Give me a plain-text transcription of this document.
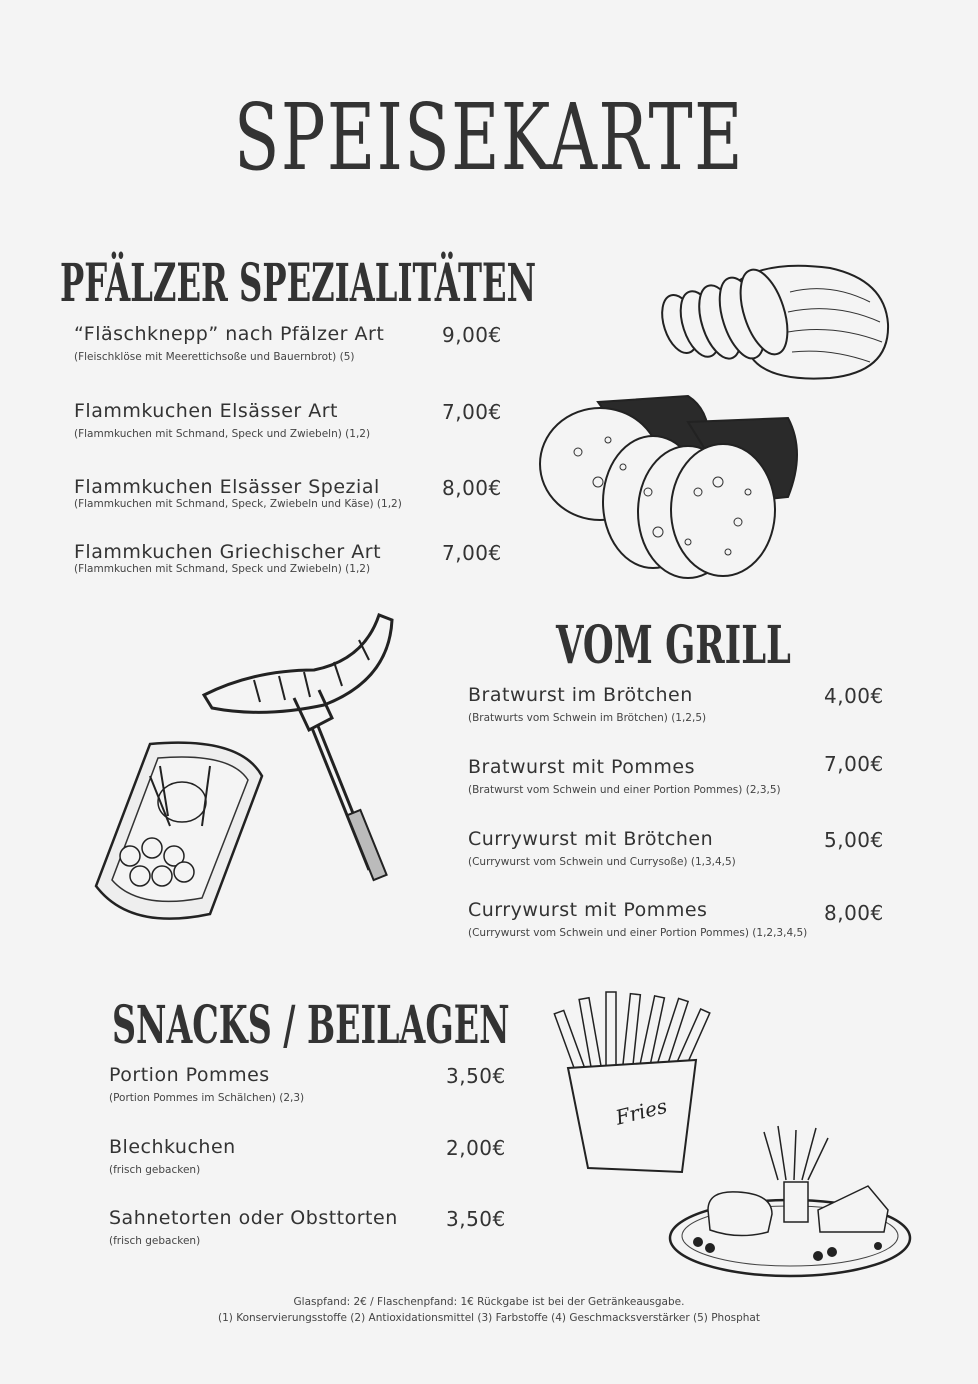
SPEISEKARTE
PFÄLZER SPEZIALITÄTEN
“Fläschknepp” nach Pfälzer Art
(Fleischklöse mit Meerettichsoße und Bauernbrot) (5)
9,00€
Flammkuchen Elsässer Art
(Flammkuchen mit Schmand, Speck und Zwiebeln) (1,2)
7,00€
Flammkuchen Elsässer Spezial
(Flammkuchen mit Schmand, Speck, Zwiebeln und Käse) (1,2)
8,00€
Flammkuchen Griechischer Art
(Flammkuchen mit Schmand, Speck und Zwiebeln) (1,2)
7,00€
VOM GRILL
Bratwurst im Brötchen
(Bratwurts vom Schwein im Brötchen) (1,2,5)
4,00€
Bratwurst mit Pommes
(Bratwurst vom Schwein und einer Portion Pommes) (2,3,5)
7,00€
Currywurst mit Brötchen
(Currywurst vom Schwein und Currysoße) (1,3,4,5)
5,00€
Currywurst mit Pommes
(Currywurst vom Schwein und einer Portion Pommes) (1,2,3,4,5)
8,00€
SNACKS / BEILAGEN
Portion Pommes
(Portion Pommes im Schälchen) (2,3)
3,50€
Blechkuchen
(frisch gebacken)
2,00€
Sahnetorten oder Obsttorten
(frisch gebacken)
3,50€
Fries
Glaspfand: 2€ / Flaschenpfand: 1€ Rückgabe ist bei der Getränkeausgabe.
(1) Konservierungsstoffe (2) Antioxidationsmittel (3) Farbstoffe (4) Geschmacksverstärker (5) Phosphat
